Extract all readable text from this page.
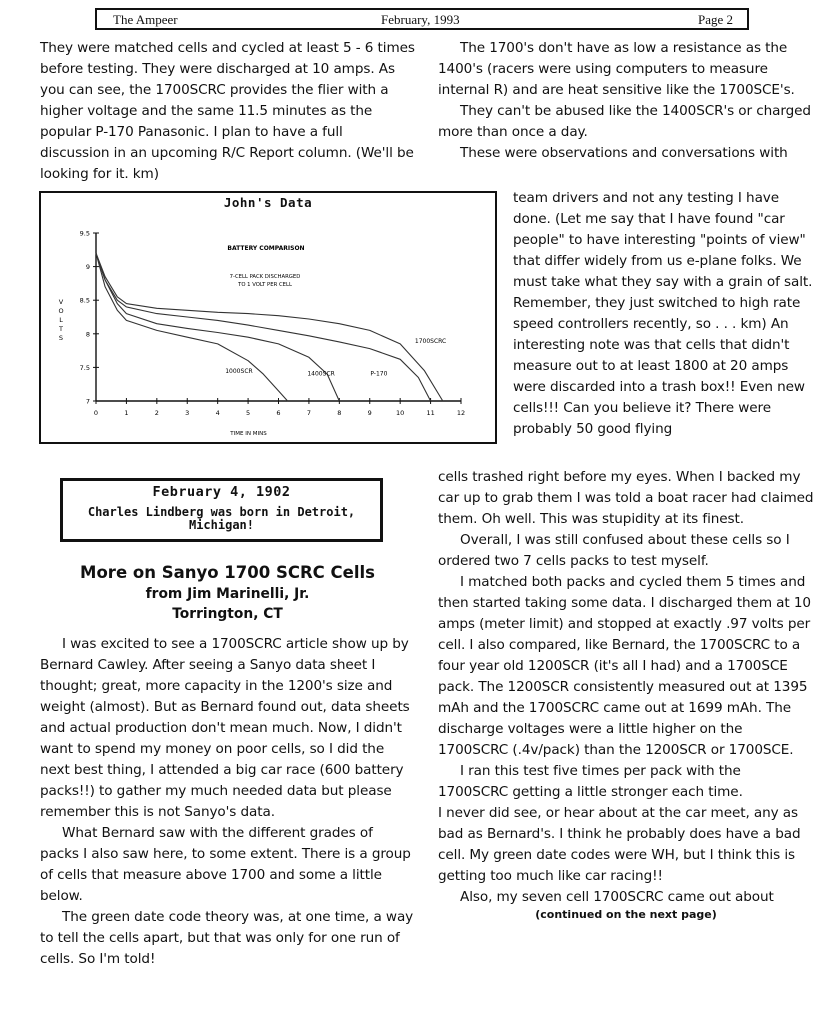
The Ampeer	February, 1993	Page 2

They were matched cells and cycled at least 5 - 6 times before testing. They were discharged at 10 amps. As you can see, the 1700SCRC provides the flier with a higher voltage and the same 11.5 minutes as the popular P-170 Panasonic. I plan to have a full discussion in an upcoming R/C Report column. (We'll be looking for it. km)

The 1700's don't have as low a resistance as the 1400's (racers were using computers to measure internal R) and are heat sensitive like the 1700SCE's.

They can't be abused like the 1400SCR's or charged more than once a day.

These were observations and conversations with

team drivers and not any testing I have done. (Let me say that I have found "car people" to have interesting "points of view" that differ widely from us e-plane folks. We must take what they say with a grain of salt. Remember, they just switched to high rate speed controllers recently, so . . . km) An interesting note was that cells that didn't measure out to at least 1800 at 20 amps were discarded into a trash box!! Even new cells!!! Can you believe it? There were probably 50 good flying

cells trashed right before my eyes. When I backed my car up to grab them I was told a boat racer had claimed them. Oh well. This was stupidity at its finest.

Overall, I was still confused about these cells so I ordered two 7 cells packs to test myself.

I matched both packs and cycled them 5 times and then started taking some data. I discharged them at 10 amps (meter limit) and stopped at exactly .97 volts per cell. I also compared, like Bernard, the 1700SCRC to a four year old 1200SCR (it's all I had) and a 1700SCE pack. The 1200SCR consistently measured out at 1395 mAh and the 1700SCRC came out at 1699 mAh. The discharge voltages were a little higher on the 1700SCRC (.4v/pack) than the 1200SCR or 1700SCE.

I ran this test five times per pack with the 1700SCRC getting a little stronger each time.

I never did see, or hear about at the car meet, any as bad as Bernard's. I think he probably does have a bad cell. My green date codes were WH, but I think this is getting too much like car racing!!

Also, my seven cell 1700SCRC came out about

(continued on the next page)

John's Data
0	1	2	3	4	5	6	7	8	9	10	11	12
7
7.5
8
8.5
9
9.5
V
O
L
T
S
TIME IN MINS
BATTERY COMPARISON
7-CELL PACK DISCHARGED
TO 1 VOLT PER CELL
1000SCR	1400SCR	P-170
1700SCRC
February 4, 1902
Charles Lindberg was born in Detroit, Michigan!

More on Sanyo 1700 SCRC Cells

from Jim Marinelli, Jr.

Torrington, CT

I was excited to see a 1700SCRC article show up by Bernard Cawley. After seeing a Sanyo data sheet I thought; great, more capacity in the 1200's size and weight (almost). But as Bernard found out, data sheets and actual production don't mean much. Now, I didn't want to spend my money on poor cells, so I did the next best thing, I attended a big car race (600 battery packs!!) to gather my much needed data but please remember this is not Sanyo's data.

What Bernard saw with the different grades of packs I also saw here, to some extent. There is a group of cells that measure above 1700 and some a little below.

The green date code theory was, at one time, a way to tell the cells apart, but that was only for one run of cells. So I'm told!
